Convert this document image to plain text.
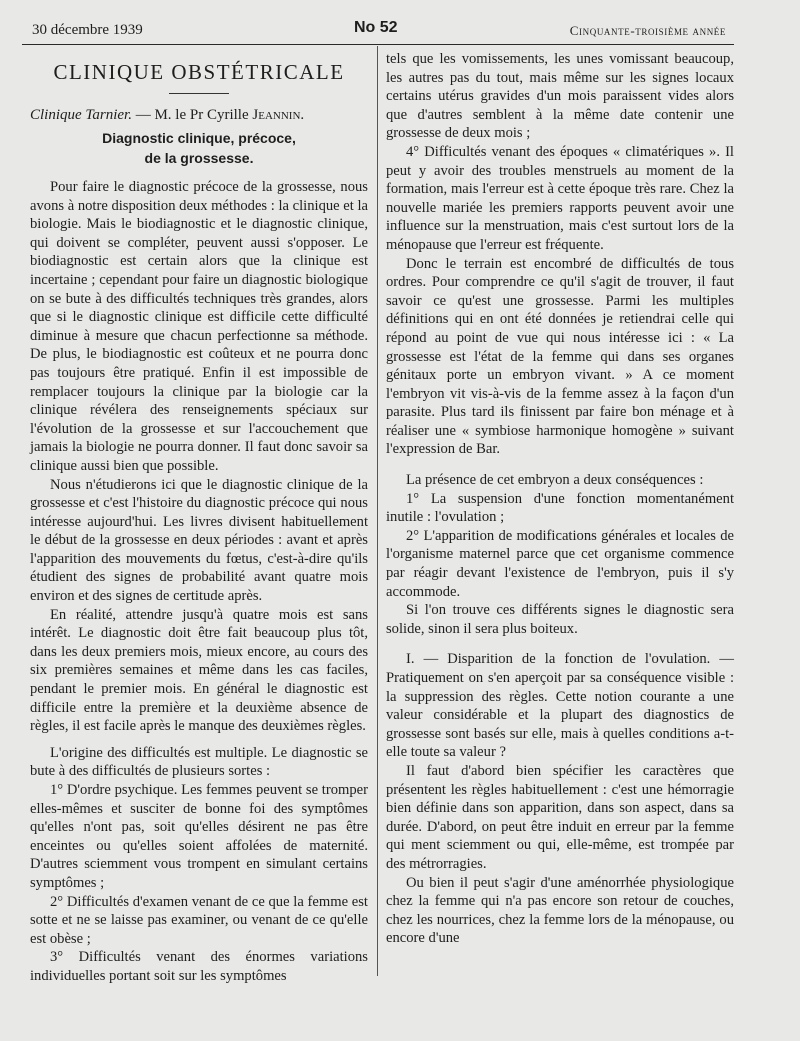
30 décembre 1939	No 52	Cinquante-troisième année
CLINIQUE OBSTÉTRICALE
Clinique Tarnier. — M. le Pr Cyrille Jeannin.
Diagnostic clinique, précoce,
de la grossesse.

Pour faire le diagnostic précoce de la grossesse, nous avons à notre disposition deux méthodes : la clinique et la biologie. Mais le biodiagnostic et le diagnostic clinique, qui doivent se compléter, peuvent aussi s'opposer. Le biodiagnostic est certain alors que la clinique est incertaine ; cependant pour faire un diagnostic biologique on se bute à des difficultés techniques très grandes, alors que si le diagnostic clinique est difficile cette difficulté diminue à mesure que chacun perfectionne sa méthode. De plus, le biodiagnostic est coûteux et ne pourra donc pas toujours être pratiqué. Enfin il est impossible de remplacer toujours la clinique par la biologie car la clinique révélera des renseignements spéciaux sur l'évolution de la grossesse et sur l'accouchement que jamais la biologie ne pourra donner. Il faut donc savoir sa clinique aussi bien que possible.

Nous n'étudierons ici que le diagnostic clinique de la grossesse et c'est l'histoire du diagnostic précoce qui nous intéresse aujourd'hui. Les livres divisent habituellement le début de la grossesse en deux périodes : avant et après l'apparition des mouvements du fœtus, c'est-à-dire qu'ils étudient des signes de probabilité avant quatre mois environ et des signes de certitude après.

En réalité, attendre jusqu'à quatre mois est sans intérêt. Le diagnostic doit être fait beaucoup plus tôt, dans les deux premiers mois, mieux encore, au cours des six premières semaines et même dans les cas faciles, pendant le premier mois. En général le diagnostic est difficile entre la première et la deuxième absence de règles, il est facile après le manque des deuxièmes règles.

L'origine des difficultés est multiple. Le diagnostic se bute à des difficultés de plusieurs sortes :

1° D'ordre psychique. Les femmes peuvent se tromper elles-mêmes et susciter de bonne foi des symptômes qu'elles n'ont pas, soit qu'elles désirent ne pas être enceintes ou qu'elles soient affolées de maternité. D'autres sciemment vous trompent en simulant certains symptômes ;

2° Difficultés d'examen venant de ce que la femme est sotte et ne se laisse pas examiner, ou venant de ce qu'elle est obèse ;

3° Difficultés venant des énormes variations individuelles portant soit sur les symptômes

tels que les vomissements, les unes vomissant beaucoup, les autres pas du tout, mais même sur les signes locaux certains utérus gravides d'un mois paraissent vides alors que d'autres semblent à la même date contenir une grossesse de deux mois ;

4° Difficultés venant des époques « climatériques ». Il peut y avoir des troubles menstruels au moment de la formation, mais l'erreur est à cette époque très rare. Chez la nouvelle mariée les premiers rapports peuvent avoir une influence sur la menstruation, mais c'est surtout lors de la ménopause que l'erreur est fréquente.

Donc le terrain est encombré de difficultés de tous ordres. Pour comprendre ce qu'il s'agit de trouver, il faut savoir ce qu'est une grossesse. Parmi les multiples définitions qui en ont été données je retiendrai celle qui répond au point de vue qui nous intéresse ici : « La grossesse est l'état de la femme qui dans ses organes génitaux porte un embryon vivant. » A ce moment l'embryon vit vis-à-vis de la femme assez à la façon d'un parasite. Plus tard ils finissent par faire bon ménage et à réaliser une « symbiose harmonique homogène » suivant l'expression de Bar.

La présence de cet embryon a deux conséquences :

1° La suspension d'une fonction momentanément inutile : l'ovulation ;

2° L'apparition de modifications générales et locales de l'organisme maternel parce que cet organisme commence par réagir devant l'existence de l'embryon, puis il s'y accommode.

Si l'on trouve ces différents signes le diagnostic sera solide, sinon il sera plus boiteux.

I. — Disparition de la fonction de l'ovulation. — Pratiquement on s'en aperçoit par sa conséquence visible : la suppression des règles. Cette notion courante a une valeur considérable et la plupart des diagnostics de grossesse sont basés sur elle, mais à quelles conditions a-t-elle toute sa valeur ?

Il faut d'abord bien spécifier les caractères que présentent les règles habituellement : c'est une hémorragie bien définie dans son apparition, dans son aspect, dans sa durée. D'abord, on peut être induit en erreur par la femme qui ment sciemment ou qui, elle-même, est trompée par des métrorragies.

Ou bien il peut s'agir d'une aménorrhée physiologique chez la femme qui n'a pas encore son retour de couches, chez les nourrices, chez la femme lors de la ménopause, ou encore d'une
